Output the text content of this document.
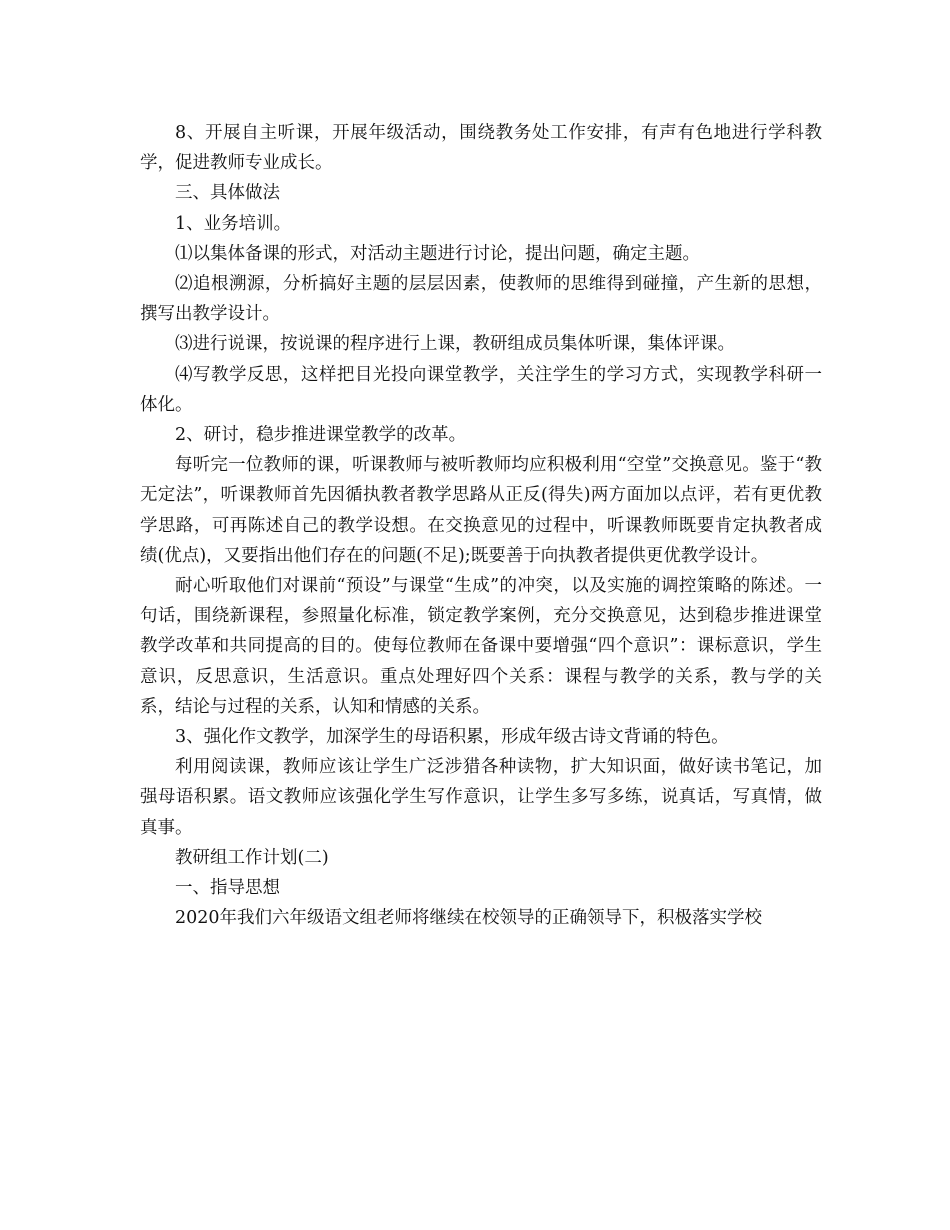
8、开展自主听课，开展年级活动，围绕教务处工作安排，有声有色地进行学科教学，促进教师专业成长。

三、具体做法

1、业务培训。

⑴以集体备课的形式，对活动主题进行讨论，提出问题，确定主题。

⑵追根溯源，分析搞好主题的层层因素，使教师的思维得到碰撞，产生新的思想，撰写出教学设计。

⑶进行说课，按说课的程序进行上课，教研组成员集体听课，集体评课。

⑷写教学反思，这样把目光投向课堂教学，关注学生的学习方式，实现教学科研一体化。

2、研讨，稳步推进课堂教学的改革。

每听完一位教师的课，听课教师与被听教师均应积极利用“空堂”交换意见。鉴于“教无定法”，听课教师首先因循执教者教学思路从正反(得失)两方面加以点评，若有更优教学思路，可再陈述自己的教学设想。在交换意见的过程中，听课教师既要肯定执教者成绩(优点)，又要指出他们存在的问题(不足);既要善于向执教者提供更优教学设计。

耐心听取他们对课前“预设”与课堂“生成”的冲突，以及实施的调控策略的陈述。一句话，围绕新课程，参照量化标准，锁定教学案例，充分交换意见，达到稳步推进课堂教学改革和共同提高的目的。使每位教师在备课中要增强“四个意识”：课标意识，学生意识，反思意识，生活意识。重点处理好四个关系：课程与教学的关系，教与学的关系，结论与过程的关系，认知和情感的关系。

3、强化作文教学，加深学生的母语积累，形成年级古诗文背诵的特色。

利用阅读课，教师应该让学生广泛涉猎各种读物，扩大知识面，做好读书笔记，加强母语积累。语文教师应该强化学生写作意识，让学生多写多练，说真话，写真情，做真事。

教研组工作计划(二)

一、指导思想

2020年我们六年级语文组老师将继续在校领导的正确领导下，积极落实学校
